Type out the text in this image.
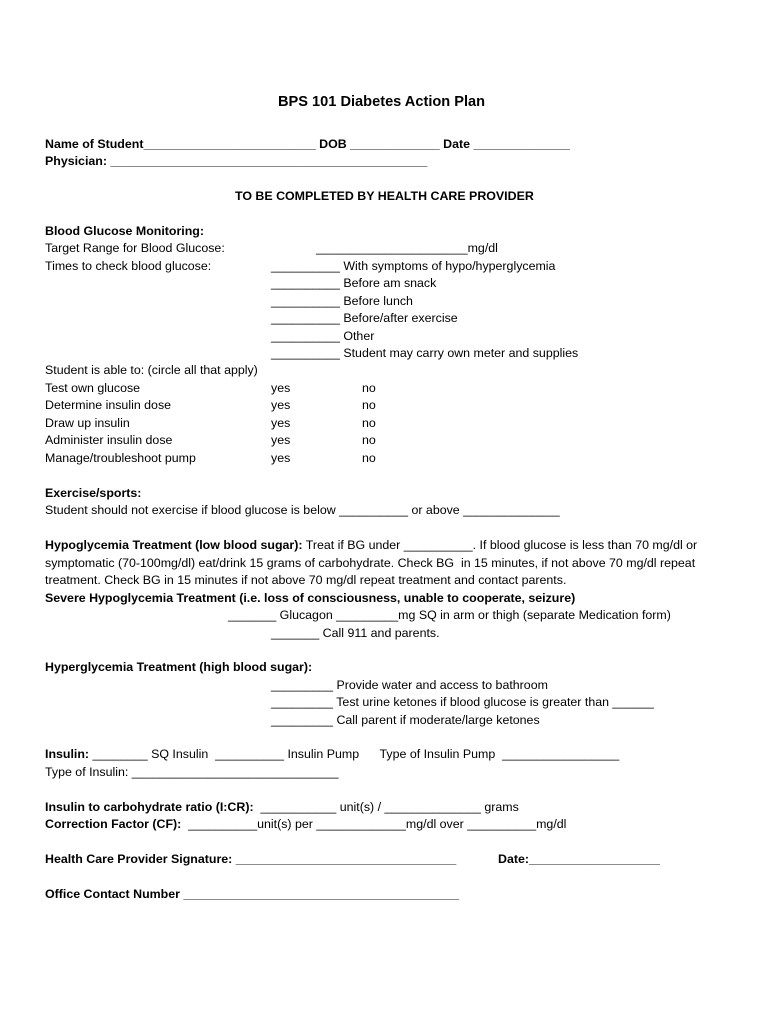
BPS 101 Diabetes Action Plan
Name of Student_________________________ DOB _____________ Date ______________
Physician: ______________________________________________
TO BE COMPLETED BY HEALTH CARE PROVIDER
Blood Glucose Monitoring:
Target Range for Blood Glucose:	______________________mg/dl
Times to check blood glucose:	__________ With symptoms of hypo/hyperglycemia
__________ Before am snack
__________ Before lunch
__________ Before/after exercise
__________ Other
__________ Student may carry own meter and supplies
Student is able to: (circle all that apply)
Test own glucose	yes	no
Determine insulin dose	yes	no
Draw up insulin	yes	no
Administer insulin dose	yes	no
Manage/troubleshoot pump	yes	no
Exercise/sports:
Student should not exercise if blood glucose is below __________ or above ______________
Hypoglycemia Treatment (low blood sugar): Treat if BG under __________. If blood glucose is less than 70 mg/dl or
symptomatic (70-100mg/dl) eat/drink 15 grams of carbohydrate. Check BG  in 15 minutes, if not above 70 mg/dl repeat
treatment. Check BG in 15 minutes if not above 70 mg/dl repeat treatment and contact parents.
Severe Hypoglycemia Treatment (i.e. loss of consciousness, unable to cooperate, seizure)
_______ Glucagon _________mg SQ in arm or thigh (separate Medication form)
_______ Call 911 and parents.
Hyperglycemia Treatment (high blood sugar):
_________ Provide water and access to bathroom
_________ Test urine ketones if blood glucose is greater than ______
_________ Call parent if moderate/large ketones
Insulin: ________ SQ Insulin  __________ Insulin Pump      Type of Insulin Pump  _________________
Type of Insulin: ______________________________
Insulin to carbohydrate ratio (I:CR):  ___________ unit(s) / ______________ grams
Correction Factor (CF):  __________unit(s) per _____________mg/dl over __________mg/dl
Health Care Provider Signature: ________________________________	Date:___________________
Office Contact Number ________________________________________
